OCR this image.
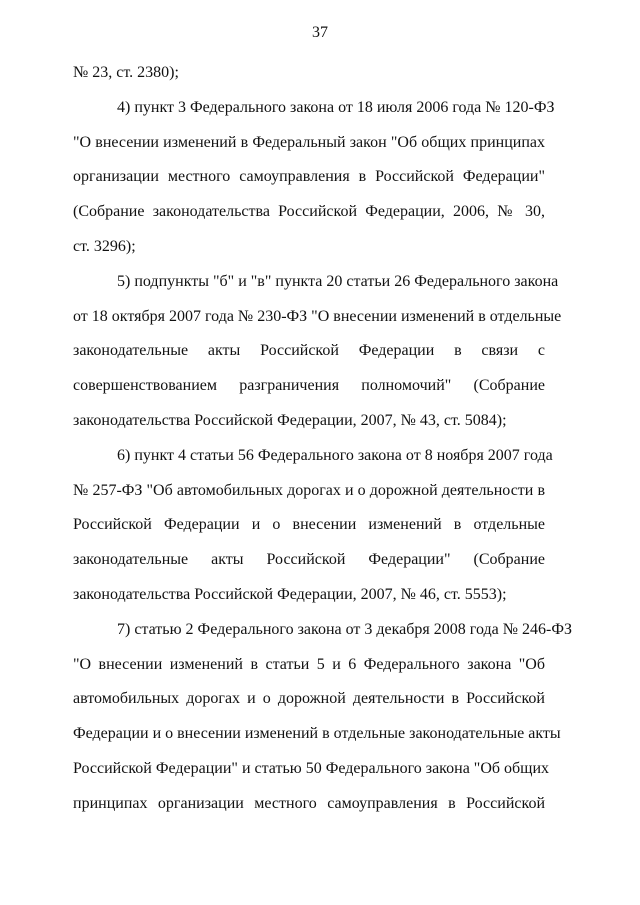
37
№ 23, ст. 2380);
4) пункт 3 Федерального закона от 18 июля 2006 года № 120-ФЗ
"О внесении изменений в Федеральный закон "Об общих принципах
организации местного самоуправления в Российской Федерации"
(Собрание законодательства Российской Федерации, 2006, № 30,
ст. 3296);
5) подпункты "б" и "в" пункта 20 статьи 26 Федерального закона
от 18 октября 2007 года № 230-ФЗ "О внесении изменений в отдельные
законодательные акты Российской Федерации в связи с
совершенствованием разграничения полномочий" (Собрание
законодательства Российской Федерации, 2007, № 43, ст. 5084);
6) пункт 4 статьи 56 Федерального закона от 8 ноября 2007 года
№ 257-ФЗ "Об автомобильных дорогах и о дорожной деятельности в
Российской Федерации и о внесении изменений в отдельные
законодательные акты Российской Федерации" (Собрание
законодательства Российской Федерации, 2007, № 46, ст. 5553);
7) статью 2 Федерального закона от 3 декабря 2008 года № 246-ФЗ
"О внесении изменений в статьи 5 и 6 Федерального закона "Об
автомобильных дорогах и о дорожной деятельности в Российской
Федерации и о внесении изменений в отдельные законодательные акты
Российской Федерации" и статью 50 Федерального закона "Об общих
принципах организации местного самоуправления в Российской
